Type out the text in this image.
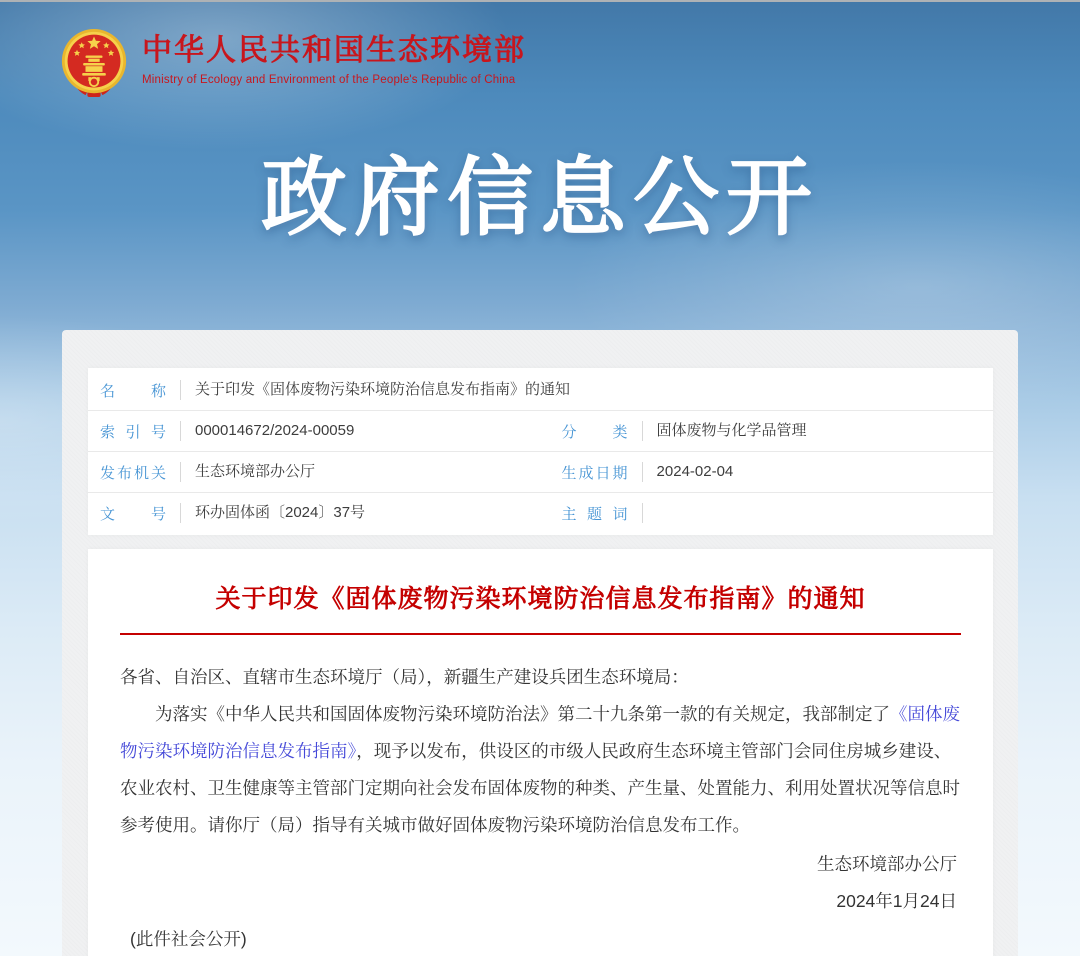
中华人民共和国生态环境部
Ministry of Ecology and Environment of the People's Republic of China
政府信息公开
名称	关于印发《固体废物污染环境防治信息发布指南》的通知
索引号	000014672/2024-00059	分类	固体废物与化学品管理
发布机关	生态环境部办公厅	生成日期	2024-02-04
文号	环办固体函〔2024〕37号	主题词
关于印发《固体废物污染环境防治信息发布指南》的通知

各省、自治区、直辖市生态环境厅（局），新疆生产建设兵团生态环境局：

为落实《中华人民共和国固体废物污染环境防治法》第二十九条第一款的有关规定，我部制定了《固体废物污染环境防治信息发布指南》，现予以发布，供设区的市级人民政府生态环境主管部门会同住房城乡建设、农业农村、卫生健康等主管部门定期向社会发布固体废物的种类、产生量、处置能力、利用处置状况等信息时参考使用。请你厅（局）指导有关城市做好固体废物污染环境防治信息发布工作。

生态环境部办公厅
2024年1月24日
(此件社会公开)
